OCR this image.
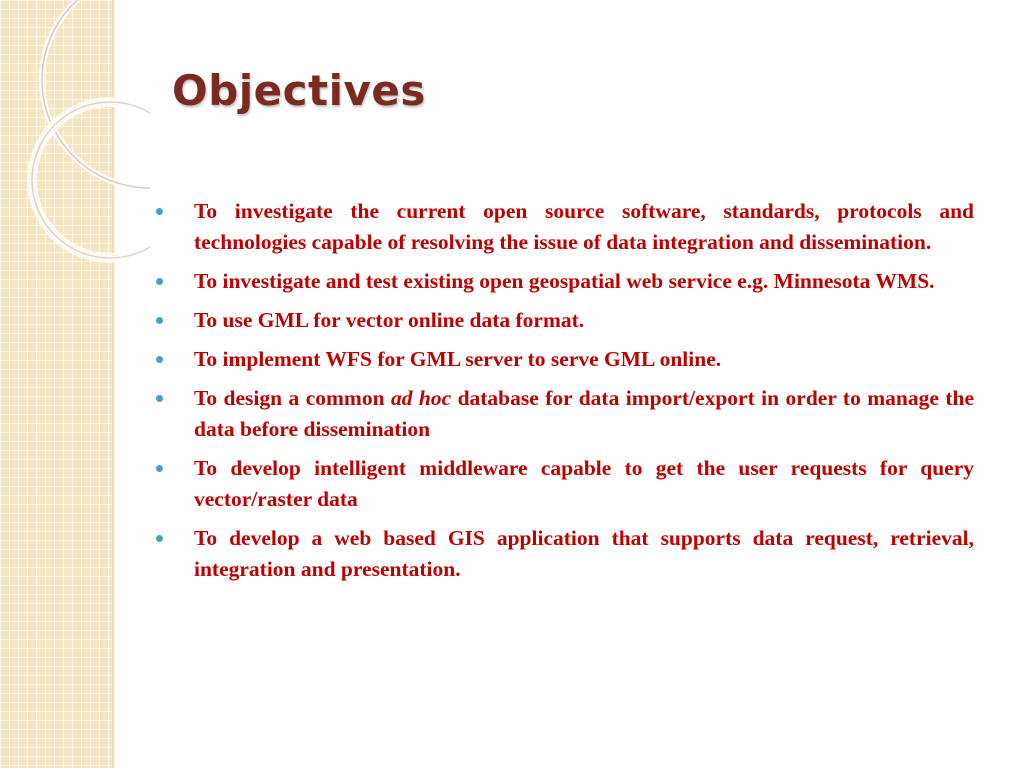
Objectives
To investigate the current open source software, standards, protocols and technologies capable of resolving the issue of data integration and dissemination.
To investigate and test existing open geospatial web service e.g. Minnesota WMS.
To use GML for vector online data format.
To implement WFS for GML server to serve GML online.
To design a common ad hoc database for data import/export in order to manage the data before dissemination
To develop intelligent middleware capable to get the user requests for query vector/raster data
To develop a web based GIS application that supports data request, retrieval, integration and presentation.
